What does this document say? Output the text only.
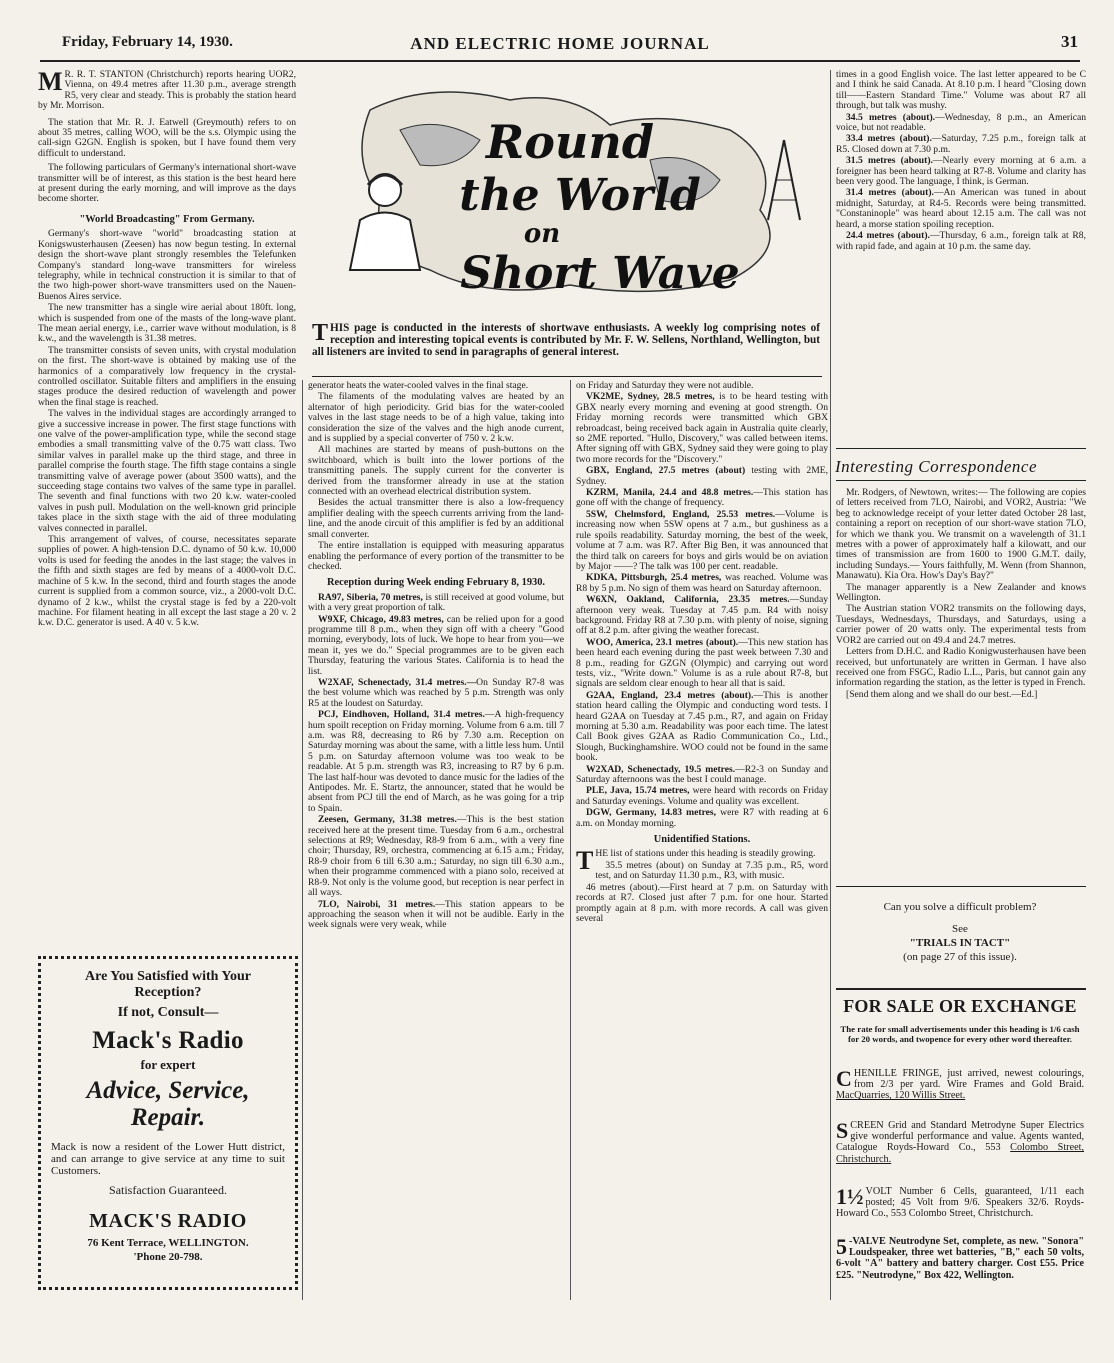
Friday, February 14, 1930.	AND ELECTRIC HOME JOURNAL	31

M R. R. T. STANTON (Christchurch) reports hearing UOR2, Vienna, on 49.4 metres after 11.30 p.m., average strength R5, very clear and steady. This is probably the station heard by Mr. Morrison.

The station that Mr. R. J. Eatwell (Greymouth) refers to on about 35 metres, calling WOO, will be the s.s. Olympic using the call-sign G2GN. English is spoken, but I have found them very difficult to understand.

The following particulars of Germany's international short-wave transmitter will be of interest, as this station is the best heard here at present during the early morning, and will improve as the days become shorter.

"World Broadcasting" From Germany.

Germany's short-wave "world" broadcasting station at Konigswusterhausen (Zeesen) has now begun testing. In external design the short-wave plant strongly resembles the Telefunken Company's standard long-wave transmitters for wireless telegraphy, while in technical construction it is similar to that of the two high-power short-wave transmitters used on the Nauen-Buenos Aires service.

The new transmitter has a single wire aerial about 180ft. long, which is suspended from one of the masts of the long-wave plant. The mean aerial energy, i.e., carrier wave without modulation, is 8 k.w., and the wavelength is 31.38 metres.

The transmitter consists of seven units, with crystal modulation on the first. The short-wave is obtained by making use of the harmonics of a comparatively low frequency in the crystal-controlled oscillator. Suitable filters and amplifiers in the ensuing stages produce the desired reduction of wavelength and power when the final stage is reached.

The valves in the individual stages are accordingly arranged to give a successive increase in power. The first stage functions with one valve of the power-amplification type, while the second stage embodies a small transmitting valve of the 0.75 watt class. Two similar valves in parallel make up the third stage, and three in parallel comprise the fourth stage. The fifth stage contains a single transmitting valve of average power (about 3500 watts), and the succeeding stage contains two valves of the same type in parallel. The seventh and final functions with two 20 k.w. water-cooled valves in push pull. Modulation on the well-known grid principle takes place in the sixth stage with the aid of three modulating valves connected in parallel.

This arrangement of valves, of course, necessitates separate supplies of power. A high-tension D.C. dynamo of 50 k.w. 10,000 volts is used for feeding the anodes in the last stage; the valves in the fifth and sixth stages are fed by means of a 4000-volt D.C. machine of 5 k.w. In the second, third and fourth stages the anode current is supplied from a common source, viz., a 2000-volt D.C. dynamo of 2 k.w., whilst the crystal stage is fed by a 220-volt machine. For filament heating in all except the last stage a 20 v. 2 k.w. D.C. generator is used. A 40 v. 5 k.w.

Are You Satisfied with Your Reception?
If not, Consult—
Mack's Radio
for expert
Advice, Service, Repair.
Mack is now a resident of the Lower Hutt district, and can arrange to give service at any time to suit Customers.
Satisfaction Guaranteed.
MACK'S RADIO
76 Kent Terrace, WELLINGTON.
'Phone 20-798.
Round
the World
on
Short Wave
THIS page is conducted in the interests of shortwave enthusiasts. A weekly log comprising notes of reception and interesting topical events is contributed by Mr. F. W. Sellens, Northland, Wellington, but all listeners are invited to send in paragraphs of general interest.

generator heats the water-cooled valves in the final stage.

The filaments of the modulating valves are heated by an alternator of high periodicity. Grid bias for the water-cooled valves in the last stage needs to be of a high value, taking into consideration the size of the valves and the high anode current, and is supplied by a special converter of 750 v. 2 k.w.

All machines are started by means of push-buttons on the switchboard, which is built into the lower portions of the transmitting panels. The supply current for the converter is derived from the transformer already in use at the station connected with an overhead electrical distribution system.

Besides the actual transmitter there is also a low-frequency amplifier dealing with the speech currents arriving from the land-line, and the anode circuit of this amplifier is fed by an additional small converter.

The entire installation is equipped with measuring apparatus enabling the performance of every portion of the transmitter to be checked.

Reception during Week ending February 8, 1930.

RA97, Siberia, 70 metres, is still received at good volume, but with a very great proportion of talk.

W9XF, Chicago, 49.83 metres, can be relied upon for a good programme till 8 p.m., when they sign off with a cheery "Good morning, everybody, lots of luck. We hope to hear from you—we mean it, yes we do." Special programmes are to be given each Thursday, featuring the various States. California is to head the list.

W2XAF, Schenectady, 31.4 metres.—On Sunday R7-8 was the best volume which was reached by 5 p.m. Strength was only R5 at the loudest on Saturday.

PCJ, Eindhoven, Holland, 31.4 metres.—A high-frequency hum spoilt reception on Friday morning. Volume from 6 a.m. till 7 a.m. was R8, decreasing to R6 by 7.30 a.m. Reception on Saturday morning was about the same, with a little less hum. Until 5 p.m. on Saturday afternoon volume was too weak to be readable. At 5 p.m. strength was R3, increasing to R7 by 6 p.m. The last half-hour was devoted to dance music for the ladies of the Antipodes. Mr. E. Startz, the announcer, stated that he would be absent from PCJ till the end of March, as he was going for a trip to Spain.

Zeesen, Germany, 31.38 metres.—This is the best station received here at the present time. Tuesday from 6 a.m., orchestral selections at R9; Wednesday, R8-9 from 6 a.m., with a very fine choir; Thursday, R9, orchestra, commencing at 6.15 a.m.; Friday, R8-9 choir from 6 till 6.30 a.m.; Saturday, no sign till 6.30 a.m., when their programme commenced with a piano solo, received at R8-9. Not only is the volume good, but reception is near perfect in all ways.

7LO, Nairobi, 31 metres.—This station appears to be approaching the season when it will not be audible. Early in the week signals were very weak, while

on Friday and Saturday they were not audible.

VK2ME, Sydney, 28.5 metres, is to be heard testing with GBX nearly every morning and evening at good strength. On Friday morning records were transmitted which GBX rebroadcast, being received back again in Australia quite clearly, so 2ME reported. "Hullo, Discovery," was called between items. After signing off with GBX, Sydney said they were going to play two more records for the "Discovery."

GBX, England, 27.5 metres (about) testing with 2ME, Sydney.

KZRM, Manila, 24.4 and 48.8 metres.—This station has gone off with the change of frequency.

5SW, Chelmsford, England, 25.53 metres.—Volume is increasing now when 5SW opens at 7 a.m., but gushiness as a rule spoils readability. Saturday morning, the best of the week, volume at 7 a.m. was R7. After Big Ben, it was announced that the third talk on careers for boys and girls would be on aviation by Major ——? The talk was 100 per cent. readable.

KDKA, Pittsburgh, 25.4 metres, was reached. Volume was R8 by 5 p.m. No sign of them was heard on Saturday afternoon.

W6XN, Oakland, California, 23.35 metres.—Sunday afternoon very weak. Tuesday at 7.45 p.m. R4 with noisy background. Friday R8 at 7.30 p.m. with plenty of noise, signing off at 8.2 p.m. after giving the weather forecast.

WOO, America, 23.1 metres (about).—This new station has been heard each evening during the past week between 7.30 and 8 p.m., reading for GZGN (Olympic) and carrying out word tests, viz., "Write down." Volume is as a rule about R7-8, but signals are seldom clear enough to hear all that is said.

G2AA, England, 23.4 metres (about).—This is another station heard calling the Olympic and conducting word tests. I heard G2AA on Tuesday at 7.45 p.m., R7, and again on Friday morning at 5.30 a.m. Readability was poor each time. The latest Call Book gives G2AA as Radio Communication Co., Ltd., Slough, Buckinghamshire. WOO could not be found in the same book.

W2XAD, Schenectady, 19.5 metres.—R2-3 on Sunday and Saturday afternoons was the best I could manage.

PLE, Java, 15.74 metres, were heard with records on Friday and Saturday evenings. Volume and quality was excellent.

DGW, Germany, 14.83 metres, were R7 with reading at 6 a.m. on Monday morning.

Unidentified Stations.

THE list of stations under this heading is steadily growing.

35.5 metres (about) on Sunday at 7.35 p.m., R5, word test, and on Saturday 11.30 p.m., R3, with music.

46 metres (about).—First heard at 7 p.m. on Saturday with records at R7. Closed just after 7 p.m. for one hour. Started promptly again at 8 p.m. with more records. A call was given several

times in a good English voice. The last letter appeared to be C and I think he said Canada. At 8.10 p.m. I heard "Closing down till——Eastern Standard Time." Volume was about R7 all through, but talk was mushy.

34.5 metres (about).—Wednesday, 8 p.m., an American voice, but not readable.

33.4 metres (about).—Saturday, 7.25 p.m., foreign talk at R5. Closed down at 7.30 p.m.

31.5 metres (about).—Nearly every morning at 6 a.m. a foreigner has been heard talking at R7-8. Volume and clarity has been very good. The language, I think, is German.

31.4 metres (about).—An American was tuned in about midnight, Saturday, at R4-5. Records were being transmitted. "Constaninople" was heard about 12.15 a.m. The call was not heard, a morse station spoiling reception.

24.4 metres (about).—Thursday, 6 a.m., foreign talk at R8, with rapid fade, and again at 10 p.m. the same day.

Interesting Correspondence

Mr. Rodgers, of Newtown, writes:— The following are copies of letters received from 7LO, Nairobi, and VOR2, Austria: "We beg to acknowledge receipt of your letter dated October 28 last, containing a report on reception of our short-wave station 7LO, for which we thank you. We transmit on a wavelength of 31.1 metres with a power of approximately half a kilowatt, and our times of transmission are from 1600 to 1900 G.M.T. daily, including Sundays.— Yours faithfully, M. Wenn (from Shannon, Manawatu). Kia Ora. How's Day's Bay?"

The manager apparently is a New Zealander and knows Wellington.

The Austrian station VOR2 transmits on the following days, Tuesdays, Wednesdays, Thursdays, and Saturdays, using a carrier power of 20 watts only. The experimental tests from VOR2 are carried out on 49.4 and 24.7 metres.

Letters from D.H.C. and Radio Konigwusterhausen have been received, but unfortunately are written in German. I have also received one from FSGC, Radio L.L., Paris, but cannot gain any information regarding the station, as the letter is typed in French.

[Send them along and we shall do our best.—Ed.]

Can you solve a difficult problem?
See
"TRIALS IN TACT"
(on page 27 of this issue).
FOR SALE OR EXCHANGE
The rate for small advertisements under this heading is 1/6 cash for 20 words, and twopence for every other word thereafter.
CHENILLE FRINGE, just arrived, newest colourings, from 2/3 per yard. Wire Frames and Gold Braid. MacQuarries, 120 Willis Street.
SCREEN Grid and Standard Metrodyne Super Electrics give wonderful performance and value. Agents wanted, Catalogue Royds-Howard Co., 553 Colombo Street, Christchurch.
1½ VOLT Number 6 Cells, guaranteed, 1/11 each posted; 45 Volt from 9/6. Speakers 32/6. Royds-Howard Co., 553 Colombo Street, Christchurch.
5 -VALVE Neutrodyne Set, complete, as new. "Sonora" Loudspeaker, three wet batteries, "B," each 50 volts, 6-volt "A" battery and battery charger. Cost £55. Price £25. "Neutrodyne," Box 422, Wellington.
